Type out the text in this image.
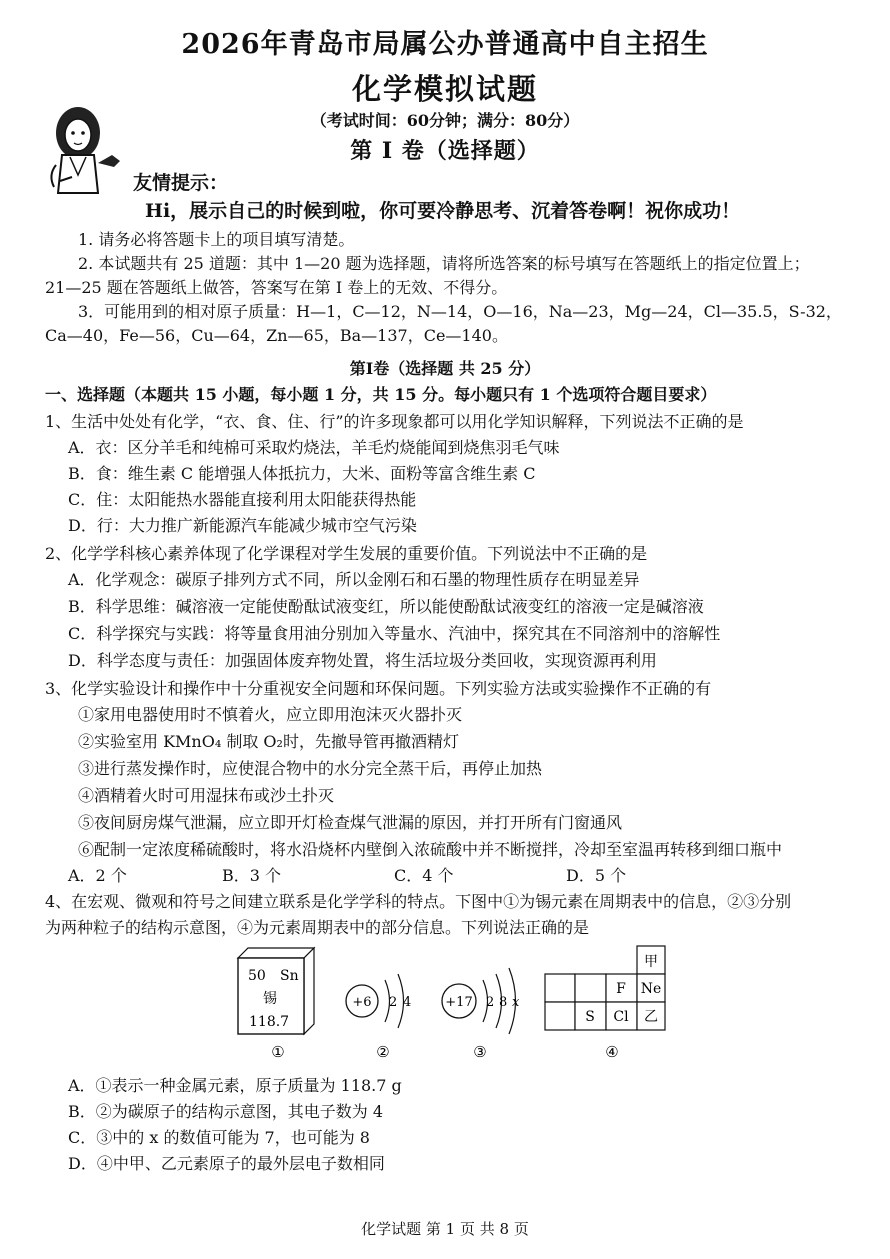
2026年青岛市局属公办普通高中自主招生
化学模拟试题
（考试时间：60分钟；满分：80分）
第 I 卷（选择题）
友情提示：
Hi，展示自己的时候到啦，你可要冷静思考、沉着答卷啊！祝你成功！
1. 请务必将答题卡上的项目填写清楚。
2. 本试题共有 25 道题：其中 1—20 题为选择题，请将所选答案的标号填写在答题纸上的指定位置上；
21—25 题在答题纸上做答，答案写在第 I 卷上的无效、不得分。
3．可能用到的相对原子质量：H—1，C—12，N—14，O—16，Na—23，Mg—24，Cl—35.5，S-32，
Ca—40，Fe—56，Cu—64，Zn—65，Ba—137，Ce—140。
第Ⅰ卷（选择题 共 25 分）
一、选择题（本题共 15 小题，每小题 1 分，共 15 分。每小题只有 1 个选项符合题目要求）
1、生活中处处有化学，“衣、食、住、行”的许多现象都可以用化学知识解释，下列说法不正确的是
A．衣：区分羊毛和纯棉可采取灼烧法，羊毛灼烧能闻到烧焦羽毛气味
B．食：维生素 C 能增强人体抵抗力，大米、面粉等富含维生素 C
C．住：太阳能热水器能直接利用太阳能获得热能
D．行：大力推广新能源汽车能减少城市空气污染
2、化学学科核心素养体现了化学课程对学生发展的重要价值。下列说法中不正确的是
A．化学观念：碳原子排列方式不同，所以金刚石和石墨的物理性质存在明显差异
B．科学思维：碱溶液一定能使酚酞试液变红，所以能使酚酞试液变红的溶液一定是碱溶液
C．科学探究与实践：将等量食用油分别加入等量水、汽油中，探究其在不同溶剂中的溶解性
D．科学态度与责任：加强固体废弃物处置，将生活垃圾分类回收，实现资源再利用
3、化学实验设计和操作中十分重视安全问题和环保问题。下列实验方法或实验操作不正确的有
①家用电器使用时不慎着火，应立即用泡沫灭火器扑灭
②实验室用 KMnO₄ 制取 O₂时，先撤导管再撤酒精灯
③进行蒸发操作时，应使混合物中的水分完全蒸干后，再停止加热
④酒精着火时可用湿抹布或沙土扑灭
⑤夜间厨房煤气泄漏，应立即开灯检查煤气泄漏的原因，并打开所有门窗通风
⑥配制一定浓度稀硫酸时，将水沿烧杯内壁倒入浓硫酸中并不断搅拌，冷却至室温再转移到细口瓶中
A．2 个	B．3 个	C．4 个	D．5 个
4、在宏观、微观和符号之间建立联系是化学学科的特点。下图中①为锡元素在周期表中的信息，②③分别
为两种粒子的结构示意图，④为元素周期表中的部分信息。下列说法正确的是
50 Sn
锡
118.7
+6 2 4	+17 2 8 x
甲
F Ne
S Cl 乙
①	②	③	④
A．①表示一种金属元素，原子质量为 118.7 g
B．②为碳原子的结构示意图，其电子数为 4
C．③中的 x 的数值可能为 7，也可能为 8
D．④中甲、乙元素原子的最外层电子数相同
化学试题 第 1 页 共 8 页
